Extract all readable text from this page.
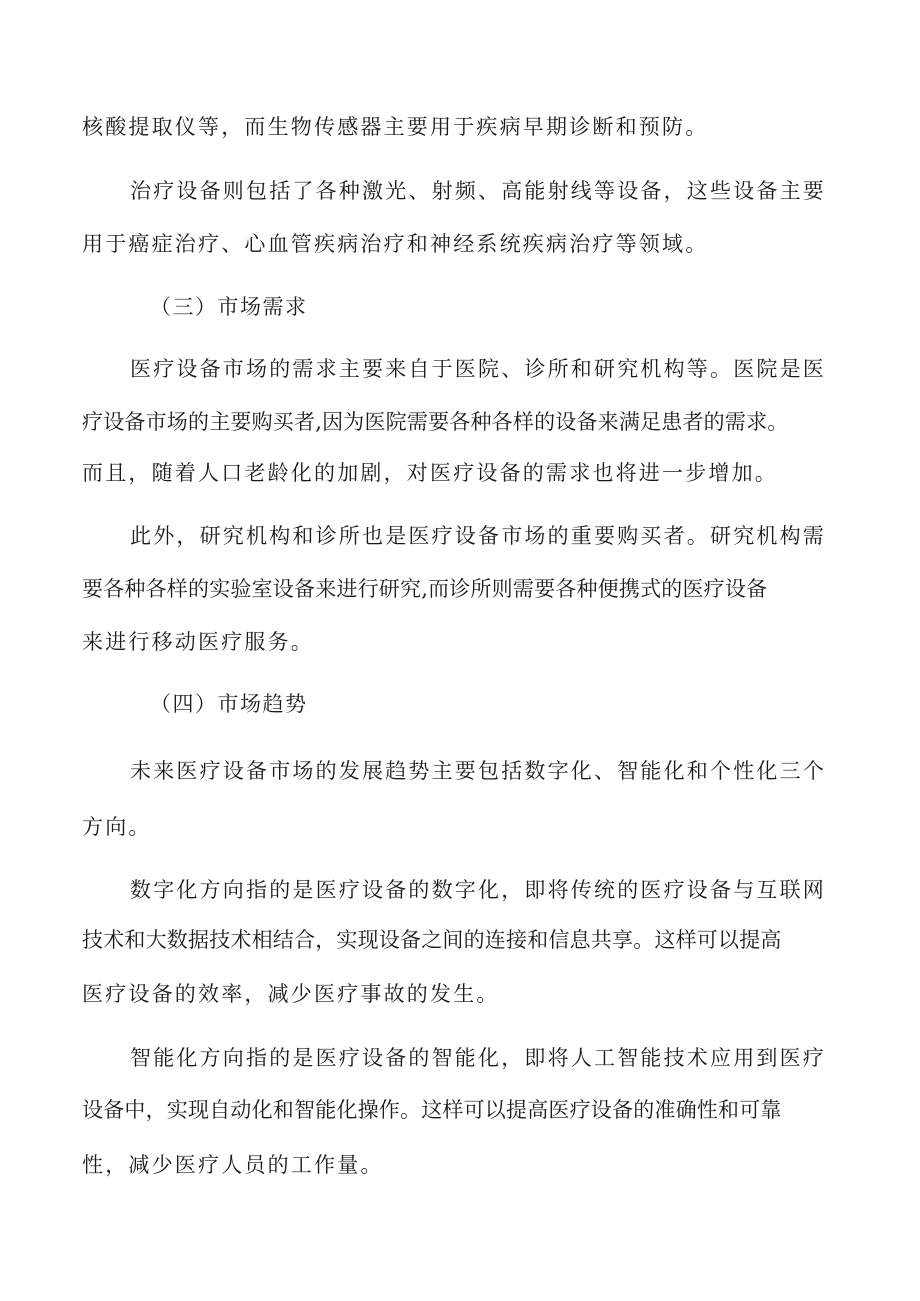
核酸提取仪等，而生物传感器主要用于疾病早期诊断和预防。
治疗设备则包括了各种激光、射频、高能射线等设备，这些设备主要
用于癌症治疗、心血管疾病治疗和神经系统疾病治疗等领域。
（三）市场需求
医疗设备市场的需求主要来自于医院、诊所和研究机构等。医院是医
疗设备市场的主要购买者,因为医院需要各种各样的设备来满足患者的需求。
而且，随着人口老龄化的加剧，对医疗设备的需求也将进一步增加。
此外，研究机构和诊所也是医疗设备市场的重要购买者。研究机构需
要各种各样的实验室设备来进行研究,而诊所则需要各种便携式的医疗设备
来进行移动医疗服务。
（四）市场趋势
未来医疗设备市场的发展趋势主要包括数字化、智能化和个性化三个
方向。
数字化方向指的是医疗设备的数字化，即将传统的医疗设备与互联网
技术和大数据技术相结合，实现设备之间的连接和信息共享。这样可以提高
医疗设备的效率，减少医疗事故的发生。
智能化方向指的是医疗设备的智能化，即将人工智能技术应用到医疗
设备中，实现自动化和智能化操作。这样可以提高医疗设备的准确性和可靠
性，减少医疗人员的工作量。
